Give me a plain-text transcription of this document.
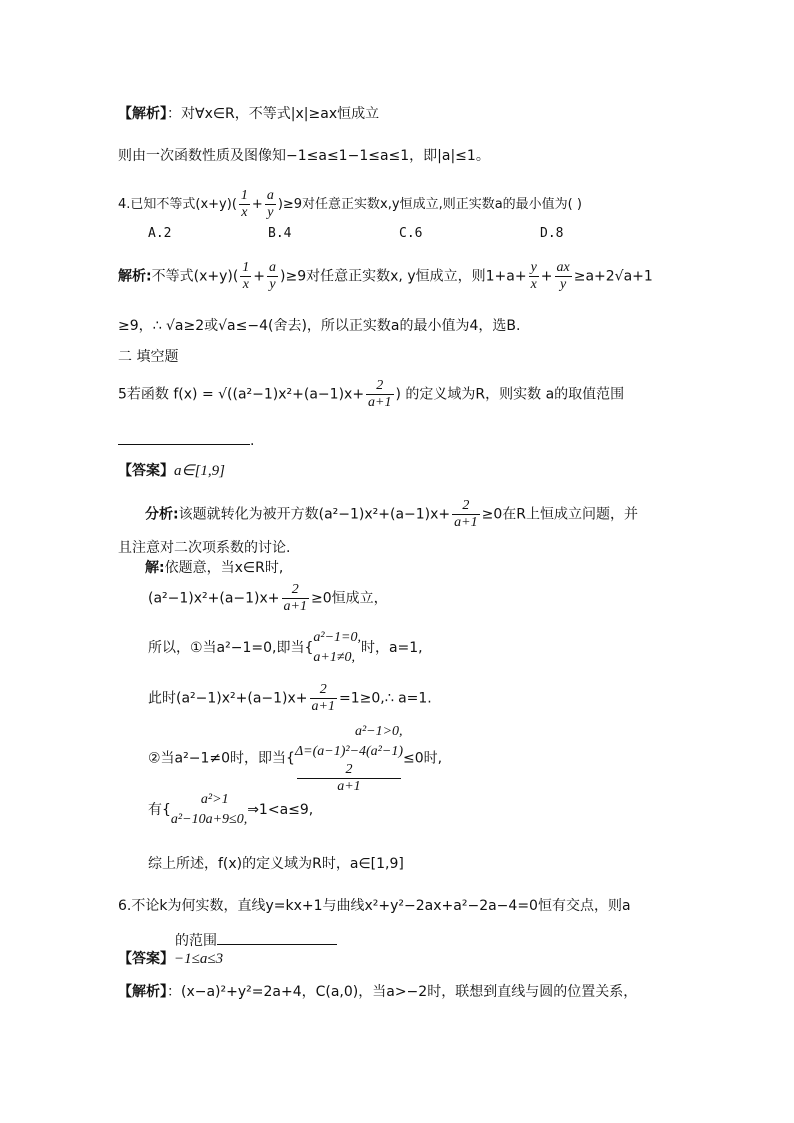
【解析】：对∀x∈R，不等式|x|≥ax恒成立
则由一次函数性质及图像知−1≤a≤1−1≤a≤1，即|a|≤1。
4.已知不等式$(x+y)( \frac{1}{x} + \frac{a}{y} )\ge 9$对任意正实数x,y恒成立,则正实数a的最小值为( )
A.2	B.4	C.6	D.8
解析:不等式$(x+y)( \frac{1}{x} + \frac{a}{y} )\ge 9$对任意正实数x, y恒成立，则$1+a+ \frac{y}{x} + \frac{ax}{y} \ge a+2√a+1$
≥9，∴ √a≥2或√a≤−4(舍去)，所以正实数a的最小值为4，选B.
二 填空题
5若函数 $f(x) = √((a^2-1)x^2+(a-1)x+ \frac{2}{a+1}$ ) 的定义域为R，则实数 a的取值范围
.
【答案】a∈[1,9]
分析:该题就转化为被开方数$(a^2-1)x^2+(a-1)x+ \frac{2}{a+1} \ge 0$在R上恒成立问题，并
且注意对二次项系数的讨论.
解:依题意，当x∈R时,
$(a^2-1)x^2+(a-1)x+ \frac{2}{a+1} \ge 0$恒成立，
所以，①当a²−1=0,即当{
a²−1=0,
a+1≠0,
时，a=1,
此时$(a^2-1)x^2+(a-1)x+ \frac{2}{a+1}$ =1≥0,∴ a=1.
②当a²−1≠0时，即当{
a²−1>0,
Δ=(a−1)²−4(a²−1)
2
a+1
≤0时,
有{
a²>1
a²−10a+9≤0,
⇒1<a≤9,
综上所述，f(x)的定义域为R时，a∈[1,9]
6.不论k为何实数，直线y=kx+1与曲线x²+y²−2ax+a²−2a−4=0恒有交点，则a
的范围
【答案】−1≤a≤3
【解析】：(x−a)²+y²=2a+4，C(a,0)，当a>−2时，联想到直线与圆的位置关系，
